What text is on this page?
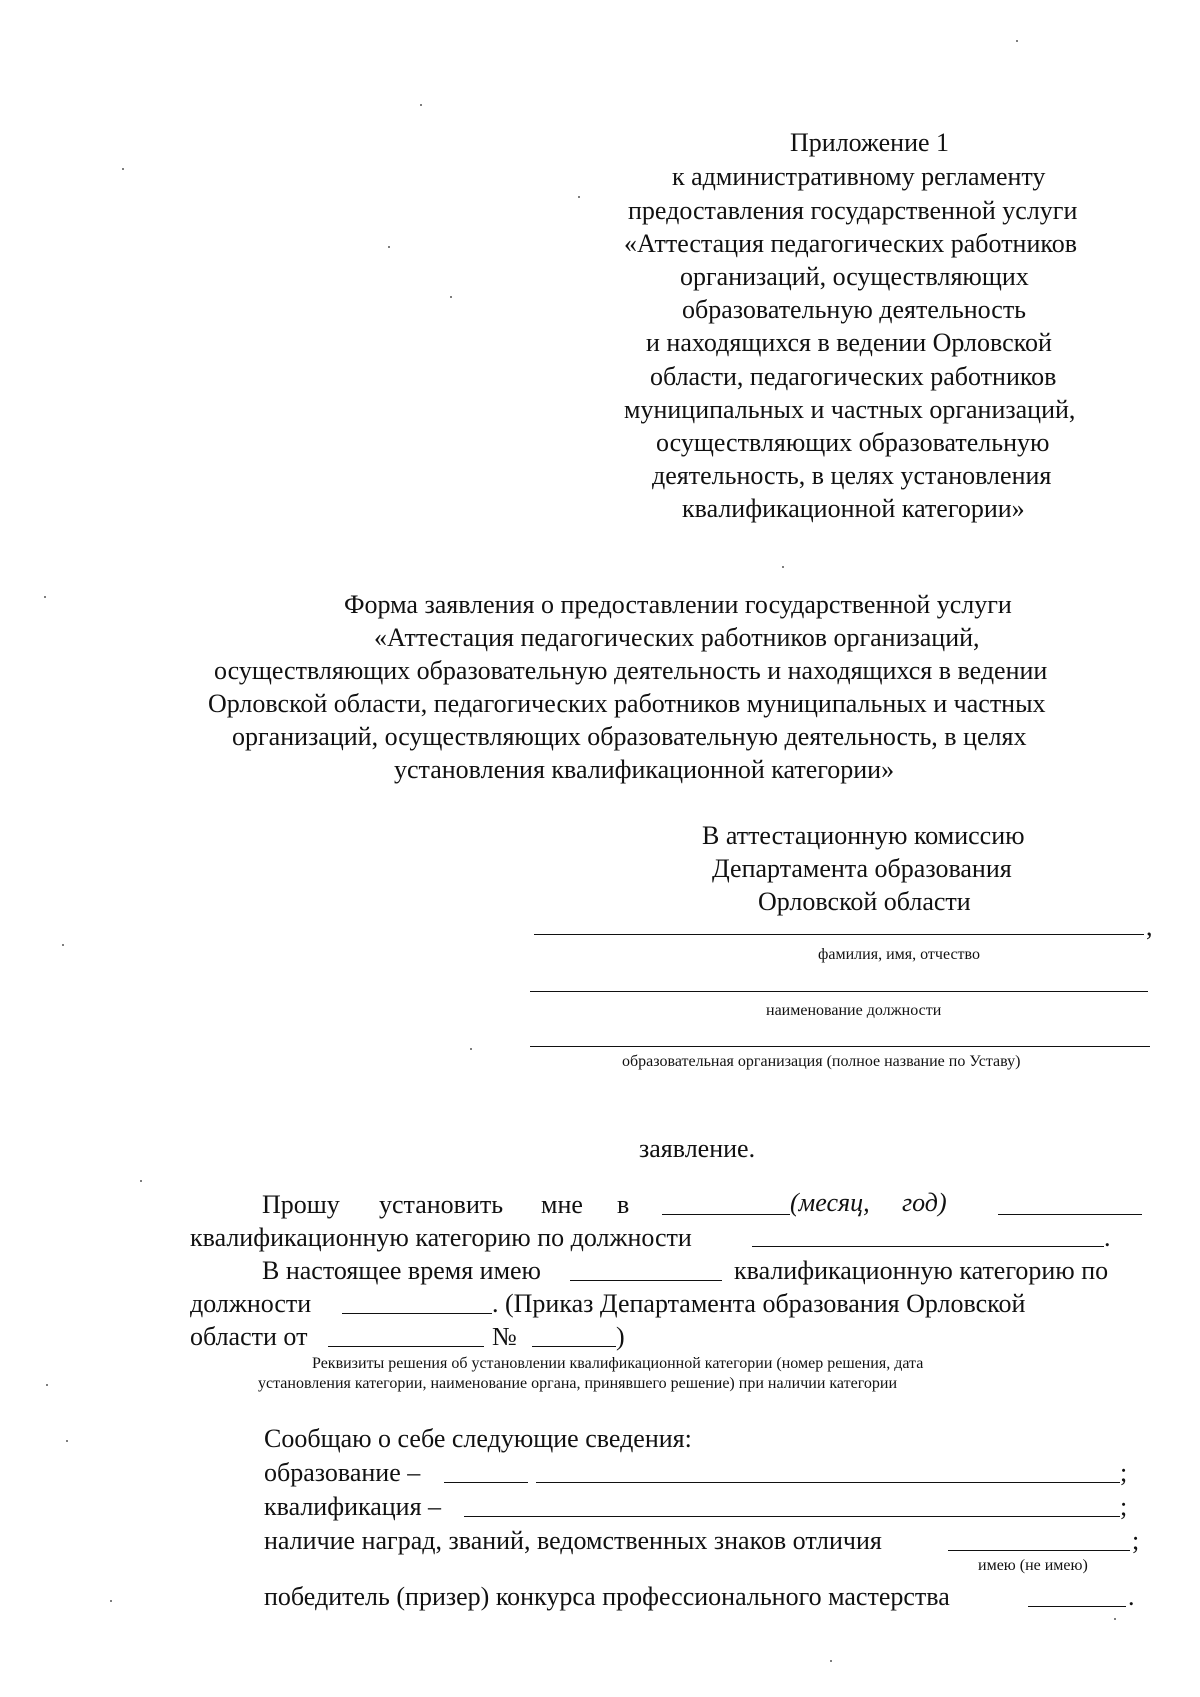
Приложение 1
к административному регламенту
предоставления государственной услуги
«Аттестация педагогических работников
организаций, осуществляющих
образовательную деятельность
и находящихся в ведении Орловской
области, педагогических работников
муниципальных и частных организаций,
осуществляющих образовательную
деятельность, в целях установления
квалификационной категории»
Форма заявления о предоставлении государственной услуги
«Аттестация педагогических работников организаций,
осуществляющих образовательную деятельность и находящихся в ведении
Орловской области, педагогических работников муниципальных и частных
организаций, осуществляющих образовательную деятельность, в целях
установления квалификационной категории»
В аттестационную комиссию
Департамента образования
Орловской области
,
фамилия, имя, отчество
наименование должности
образовательная организация (полное название по Уставу)
заявление.
Прошу установить мне в	(месяц, год)
квалификационную категорию по должности	.
В настоящее время имею	квалификационную категорию по
должности	. (Приказ Департамента образования Орловской
области от	№	)
Реквизиты решения об установлении квалификационной категории (номер решения, дата
установления категории, наименование органа, принявшего решение) при наличии категории
Сообщаю о себе следующие сведения:
образование –	;
квалификация –	;
наличие наград, званий, ведомственных знаков отличия	;
имею (не имею)
победитель (призер) конкурса профессионального мастерства	.
